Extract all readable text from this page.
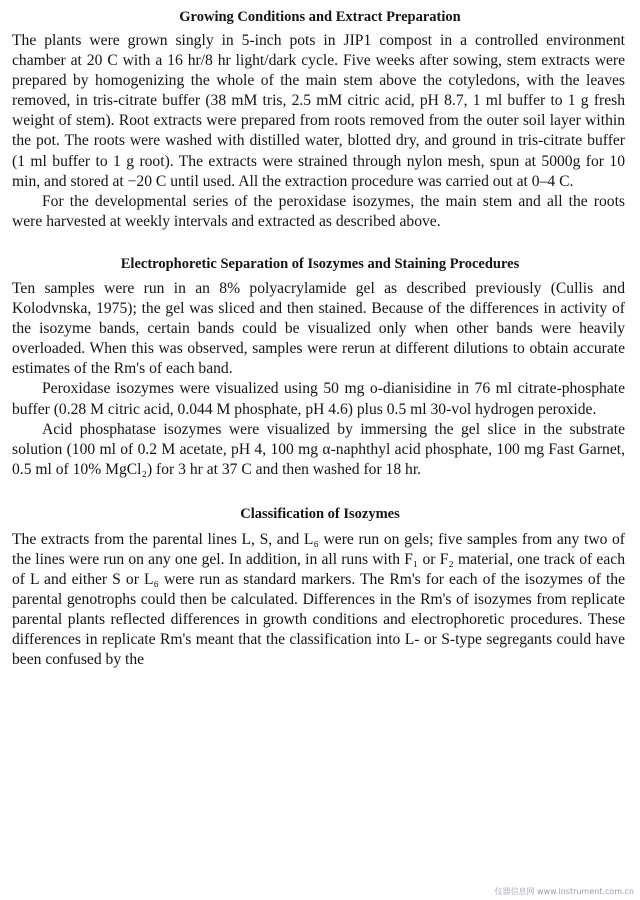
Growing Conditions and Extract Preparation

The plants were grown singly in 5-inch pots in JIP1 compost in a controlled environment chamber at 20 C with a 16 hr/8 hr light/dark cycle. Five weeks after sowing, stem extracts were prepared by homogenizing the whole of the main stem above the cotyledons, with the leaves removed, in tris-citrate buffer (38 mM tris, 2.5 mM citric acid, pH 8.7, 1 ml buffer to 1 g fresh weight of stem). Root extracts were prepared from roots removed from the outer soil layer within the pot. The roots were washed with distilled water, blotted dry, and ground in tris-citrate buffer (1 ml buffer to 1 g root). The extracts were strained through nylon mesh, spun at 5000g for 10 min, and stored at −20 C until used. All the extraction procedure was carried out at 0–4 C.

For the developmental series of the peroxidase isozymes, the main stem and all the roots were harvested at weekly intervals and extracted as described above.

Electrophoretic Separation of Isozymes and Staining Procedures

Ten samples were run in an 8% polyacrylamide gel as described previously (Cullis and Kolodvnska, 1975); the gel was sliced and then stained. Because of the differences in activity of the isozyme bands, certain bands could be visualized only when other bands were heavily overloaded. When this was observed, samples were rerun at different dilutions to obtain accurate estimates of the Rm's of each band.

Peroxidase isozymes were visualized using 50 mg o-dianisidine in 76 ml citrate-phosphate buffer (0.28 M citric acid, 0.044 M phosphate, pH 4.6) plus 0.5 ml 30-vol hydrogen peroxide.

Acid phosphatase isozymes were visualized by immersing the gel slice in the substrate solution (100 ml of 0.2 M acetate, pH 4, 100 mg α-naphthyl acid phosphate, 100 mg Fast Garnet, 0.5 ml of 10% MgCl₂) for 3 hr at 37 C and then washed for 18 hr.

Classification of Isozymes

The extracts from the parental lines L, S, and L₆ were run on gels; five samples from any two of the lines were run on any one gel. In addition, in all runs with F₁ or F₂ material, one track of each of L and either S or L₆ were run as standard markers. The Rm's for each of the isozymes of the parental genotrophs could then be calculated. Differences in the Rm's of isozymes from replicate parental plants reflected differences in growth conditions and electrophoretic procedures. These differences in replicate Rm's meant that the classification into L- or S-type segregants could have been confused by the

仪器信息网 www.instrument.com.cn
